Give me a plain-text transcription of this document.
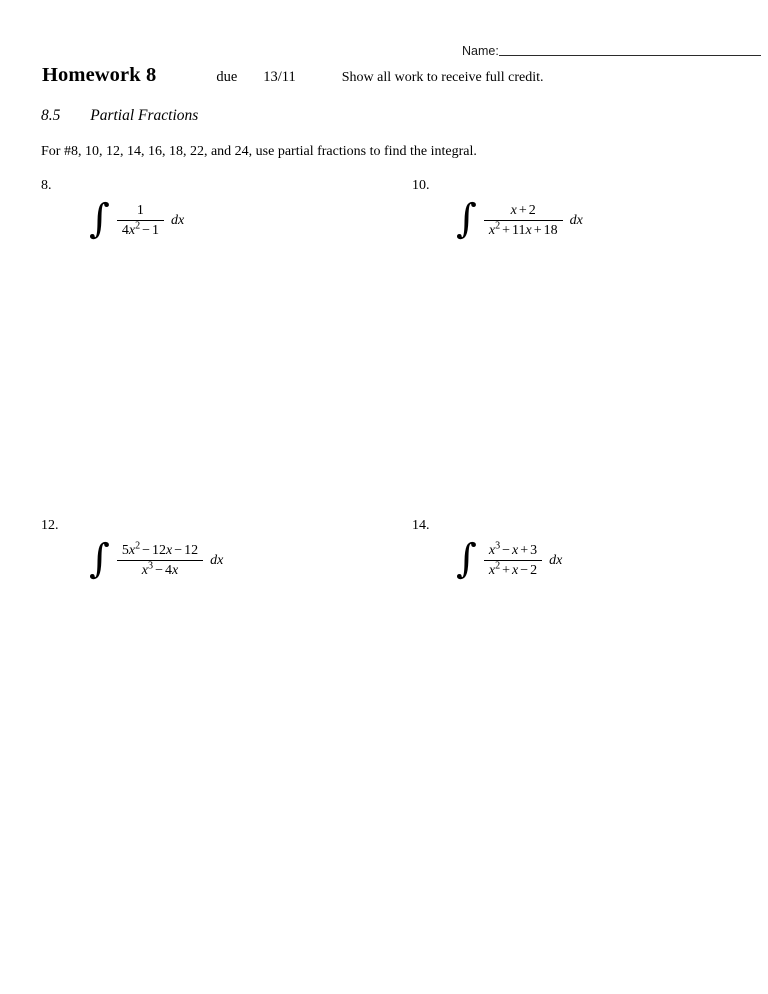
Name:
Homework 8	due 13/11	Show all work to receive full credit.
8.5 Partial Fractions
For #8, 10, 12, 14, 16, 18, 22, and 24, use partial fractions to find the integral.
8.
∫ $\frac{1}{4x^2 - 1}$ dx
10.
∫ $\frac{x + 2}{x^2 + 11x + 18}$ dx
12.
∫ $\frac{5x^2 - 12x - 12}{x^3 - 4x}$ dx
14.
∫ $\frac{x^3 - x + 3}{x^2 + x - 2}$ dx
